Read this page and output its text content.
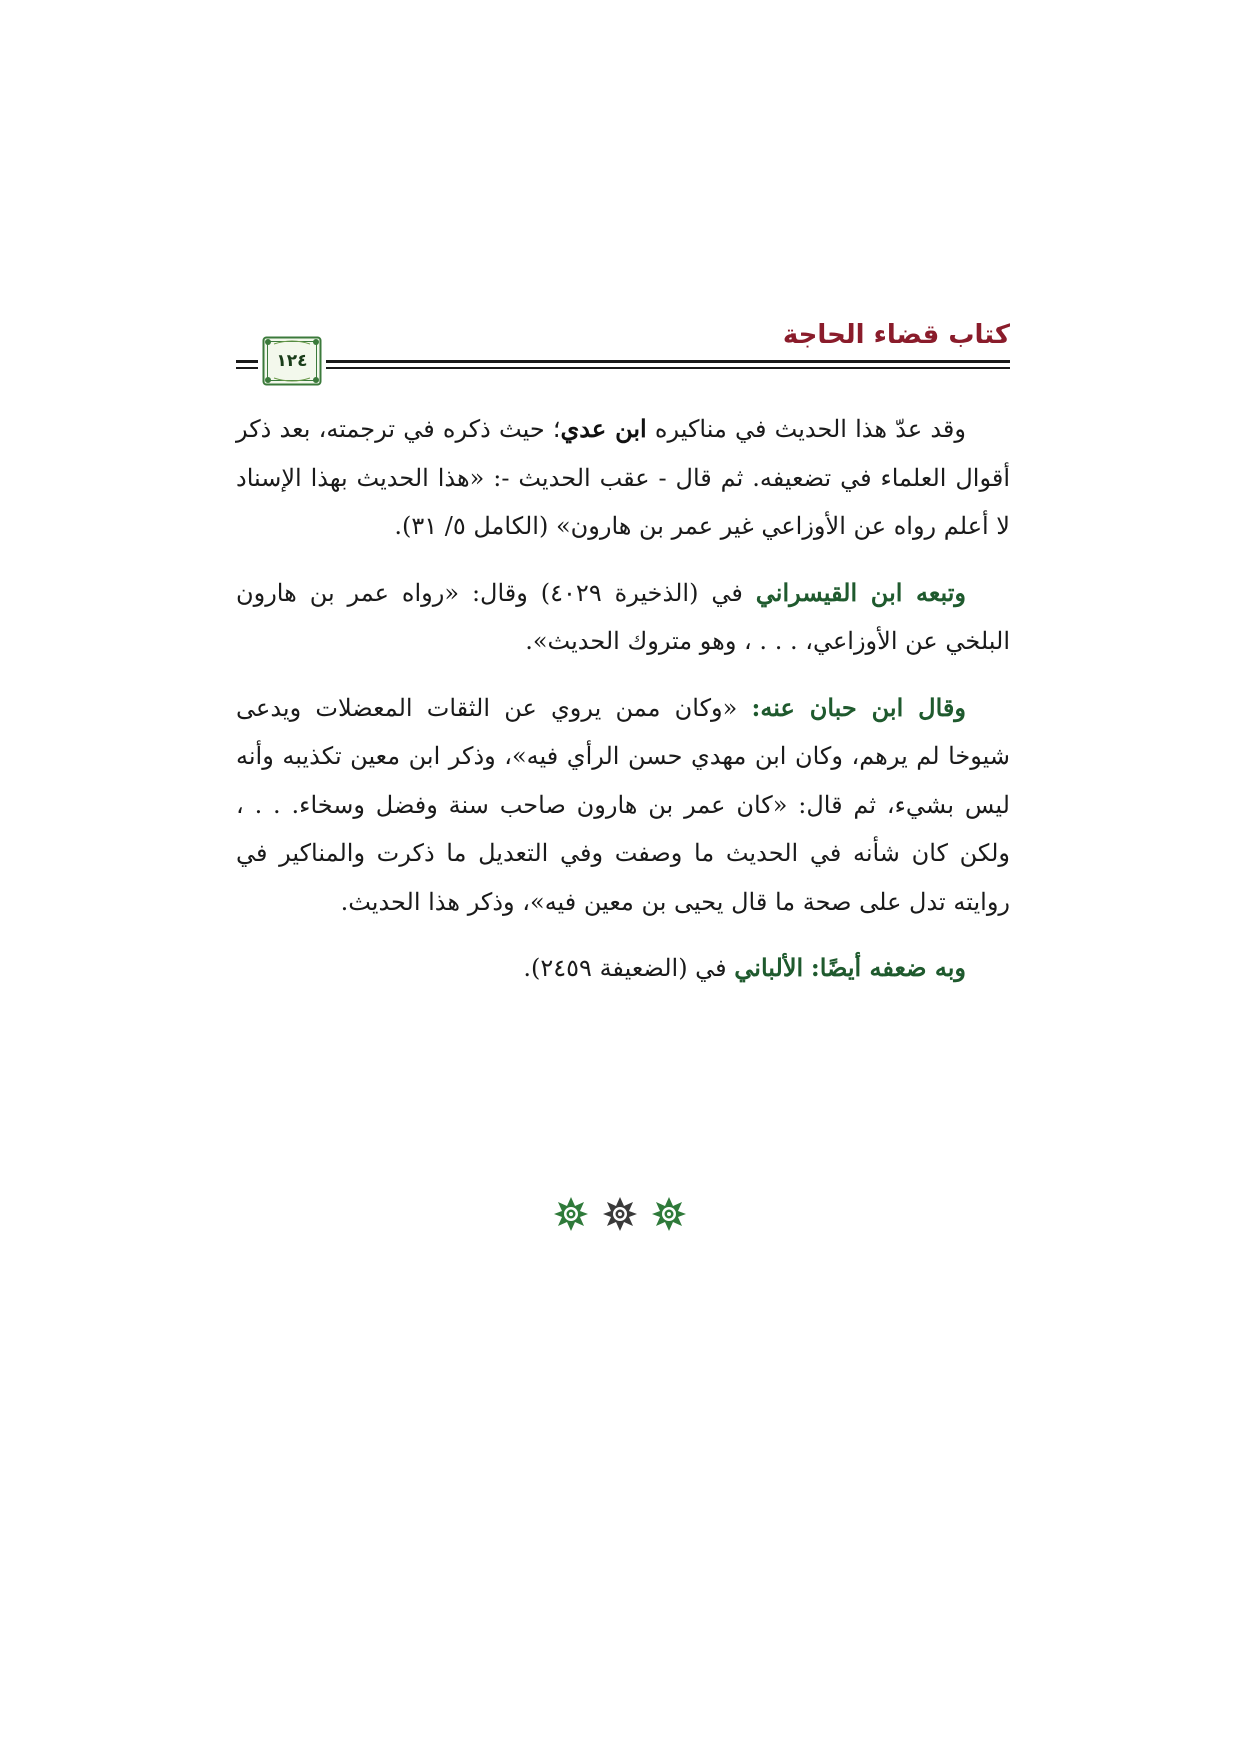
كتاب قضاء الحاجة
١٢٤

وقد عدّ هذا الحديث في مناكيره ابن عدي؛ حيث ذكره في ترجمته، بعد ذكر أقوال العلماء في تضعيفه. ثم قال - عقب الحديث -: «هذا الحديث بهذا الإسناد لا أعلم رواه عن الأوزاعي غير عمر بن هارون» (الكامل ٥/ ٣١).

وتبعه ابن القيسراني في (الذخيرة ٤٠٢٩) وقال: «رواه عمر بن هارون البلخي عن الأوزاعي، . . . ، وهو متروك الحديث».

وقال ابن حبان عنه: «وكان ممن يروي عن الثقات المعضلات ويدعى شيوخا لم يرهم، وكان ابن مهدي حسن الرأي فيه»، وذكر ابن معين تكذيبه وأنه ليس بشيء، ثم قال: «كان عمر بن هارون صاحب سنة وفضل وسخاء. . . ، ولكن كان شأنه في الحديث ما وصفت وفي التعديل ما ذكرت والمناكير في روايته تدل على صحة ما قال يحيى بن معين فيه»، وذكر هذا الحديث.

وبه ضعفه أيضًا: الألباني في (الضعيفة ٢٤٥٩).
